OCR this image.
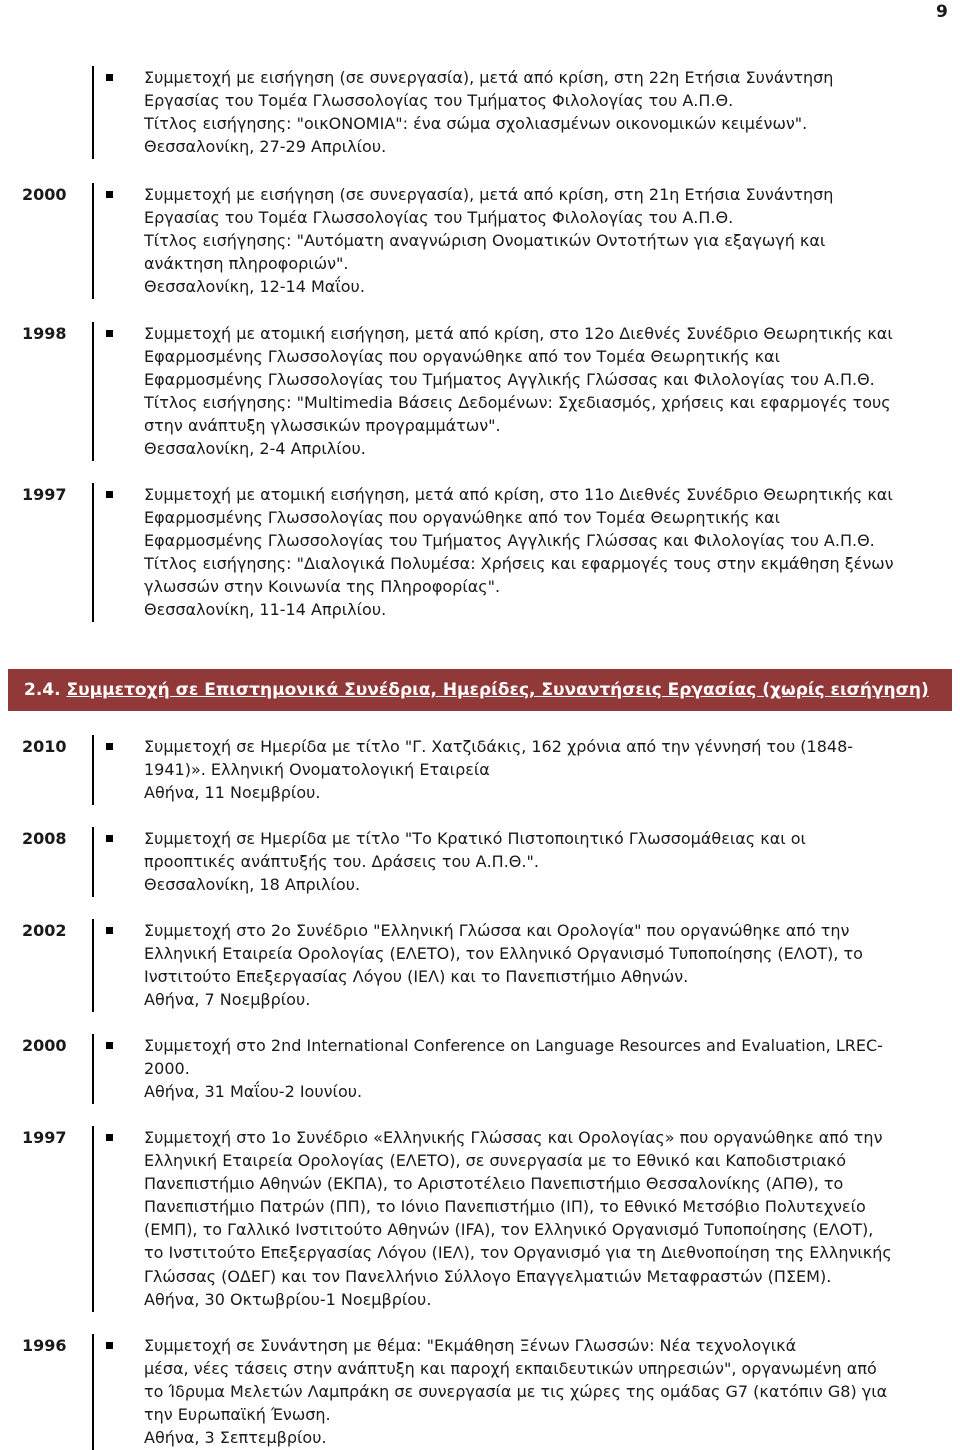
9
Συμμετοχή με εισήγηση (σε συνεργασία), μετά από κρίση, στη 22η Ετήσια Συνάντηση
Εργασίας του Τομέα Γλωσσολογίας του Τμήματος Φιλολογίας του Α.Π.Θ.
Τίτλος εισήγησης: "οικΟΝΟΜΙΑ": ένα σώμα σχολιασμένων οικονομικών κειμένων".
Θεσσαλονίκη, 27-29 Απριλίου.
2000	Συμμετοχή με εισήγηση (σε συνεργασία), μετά από κρίση, στη 21η Ετήσια Συνάντηση
Εργασίας του Τομέα Γλωσσολογίας του Τμήματος Φιλολογίας του Α.Π.Θ.
Τίτλος εισήγησης: "Αυτόματη αναγνώριση Ονοματικών Οντοτήτων για εξαγωγή και
ανάκτηση πληροφοριών".
Θεσσαλονίκη, 12-14 Μαΐου.
1998	Συμμετοχή με ατομική εισήγηση, μετά από κρίση, στο 12ο Διεθνές Συνέδριο Θεωρητικής και
Εφαρμοσμένης Γλωσσολογίας που οργανώθηκε από τον Τομέα Θεωρητικής και
Εφαρμοσμένης Γλωσσολογίας του Τμήματος Αγγλικής Γλώσσας και Φιλολογίας του Α.Π.Θ.
Τίτλος εισήγησης: "Multimedia Βάσεις Δεδομένων: Σχεδιασμός, χρήσεις και εφαρμογές τους
στην ανάπτυξη γλωσσικών προγραμμάτων".
Θεσσαλονίκη, 2-4 Απριλίου.
1997	Συμμετοχή με ατομική εισήγηση, μετά από κρίση, στο 11ο Διεθνές Συνέδριο Θεωρητικής και
Εφαρμοσμένης Γλωσσολογίας που οργανώθηκε από τον Τομέα Θεωρητικής και
Εφαρμοσμένης Γλωσσολογίας του Τμήματος Αγγλικής Γλώσσας και Φιλολογίας του Α.Π.Θ.
Τίτλος εισήγησης: "Διαλογικά Πολυμέσα: Χρήσεις και εφαρμογές τους στην εκμάθηση ξένων
γλωσσών στην Κοινωνία της Πληροφορίας".
Θεσσαλονίκη, 11-14 Απριλίου.
2.4. Συμμετοχή σε Επιστημονικά Συνέδρια, Ημερίδες, Συναντήσεις Εργασίας (χωρίς εισήγηση)
2010	Συμμετοχή σε Ημερίδα με τίτλο "Γ. Χατζιδάκις, 162 χρόνια από την γέννησή του (1848-
1941)». Ελληνική Ονοματολογική Εταιρεία
Αθήνα, 11 Νοεμβρίου.
2008	Συμμετοχή σε Ημερίδα με τίτλο "Το Κρατικό Πιστοποιητικό Γλωσσομάθειας και οι
προοπτικές ανάπτυξής του. Δράσεις του Α.Π.Θ.".
Θεσσαλονίκη, 18 Απριλίου.
2002	Συμμετοχή στο 2ο Συνέδριο "Ελληνική Γλώσσα και Ορολογία" που οργανώθηκε από την
Ελληνική Εταιρεία Ορολογίας (ΕΛΕΤΟ), τον Ελληνικό Οργανισμό Τυποποίησης (ΕΛΟΤ), το
Ινστιτούτο Επεξεργασίας Λόγου (ΙΕΛ) και το Πανεπιστήμιο Αθηνών.
Αθήνα, 7 Νοεμβρίου.
2000	Συμμετοχή στο 2nd International Conference on Language Resources and Evaluation, LREC-
2000.
Αθήνα, 31 Μαΐου-2 Ιουνίου.
1997	Συμμετοχή στο 1ο Συνέδριο «Ελληνικής Γλώσσας και Ορολογίας» που οργανώθηκε από την
Ελληνική Εταιρεία Ορολογίας (ΕΛΕΤΟ), σε συνεργασία με το Εθνικό και Καποδιστριακό
Πανεπιστήμιο Αθηνών (ΕΚΠΑ), το Αριστοτέλειο Πανεπιστήμιο Θεσσαλονίκης (ΑΠΘ), το
Πανεπιστήμιο Πατρών (ΠΠ), το Ιόνιο Πανεπιστήμιο (ΙΠ), το Εθνικό Μετσόβιο Πολυτεχνείο
(ΕΜΠ), το Γαλλικό Ινστιτούτο Αθηνών (IFA), τον Ελληνικό Οργανισμό Τυποποίησης (ΕΛΟΤ),
το Ινστιτούτο Επεξεργασίας Λόγου (ΙΕΛ), τον Οργανισμό για τη Διεθνοποίηση της Ελληνικής
Γλώσσας (ΟΔΕΓ) και τον Πανελλήνιο Σύλλογο Επαγγελματιών Μεταφραστών (ΠΣΕΜ).
Αθήνα, 30 Οκτωβρίου-1 Νοεμβρίου.
1996	Συμμετοχή σε Συνάντηση με θέμα: "Εκμάθηση Ξένων Γλωσσών: Νέα τεχνολογικά
μέσα, νέες τάσεις στην ανάπτυξη και παροχή εκπαιδευτικών υπηρεσιών", οργανωμένη από
το Ίδρυμα Μελετών Λαμπράκη σε συνεργασία με τις χώρες της ομάδας G7 (κατόπιν G8) για
την Ευρωπαϊκή Ένωση.
Αθήνα, 3 Σεπτεμβρίου.
